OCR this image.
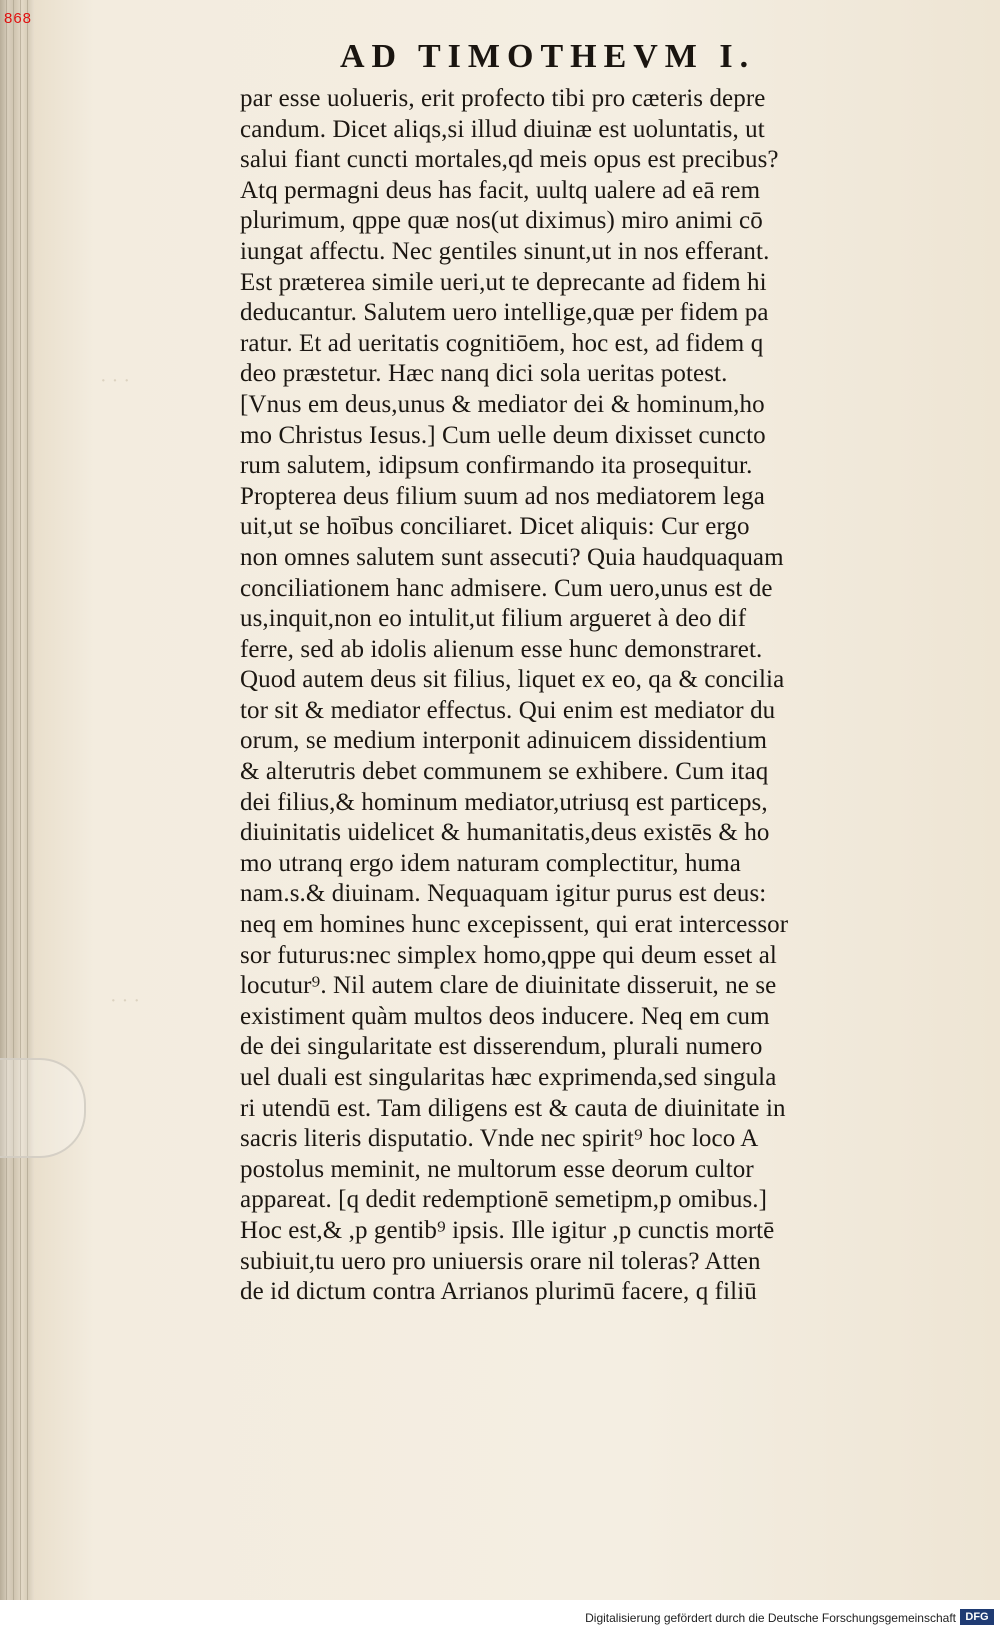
· · ·
· · ·
868
AD TIMOTHEVM I.
par esse uolueris, erit profecto tibi pro cæteris depre
candum. Dicet aliqs,si illud diuinæ est uoluntatis, ut
salui fiant cuncti mortales,qd meis opus est precibus?
Atq permagni deus has facit, uultq ualere ad eā rem
plurimum, qppe quæ nos(ut diximus) miro animi cō
iungat affectu. Nec gentiles sinunt,ut in nos efferant.
Est præterea simile ueri,ut te deprecante ad fidem hi
deducantur. Salutem uero intellige,quæ per fidem pa
ratur. Et ad ueritatis cognitiōem, hoc est, ad fidem q
deo præstetur. Hæc nanq dici sola ueritas potest.
[Vnus em deus,unus & mediator dei & hominum,ho
mo Christus Iesus.] Cum uelle deum dixisset cuncto
rum salutem, idipsum confirmando ita prosequitur.
Propterea deus filium suum ad nos mediatorem lega
uit,ut se hoībus conciliaret. Dicet aliquis: Cur ergo
non omnes salutem sunt assecuti? Quia haudquaquam
conciliationem hanc admisere. Cum uero,unus est de
us,inquit,non eo intulit,ut filium argueret à deo dif
ferre, sed ab idolis alienum esse hunc demonstraret.
Quod autem deus sit filius, liquet ex eo, qa & concilia
tor sit & mediator effectus. Qui enim est mediator du
orum, se medium interponit adinuicem dissidentium
& alterutris debet communem se exhibere. Cum itaq
dei filius,& hominum mediator,utriusq est particeps,
diuinitatis uidelicet & humanitatis,deus existēs & ho
mo utranq ergo idem naturam complectitur, huma
nam.s.& diuinam. Nequaquam igitur purus est deus:
neq em homines hunc excepissent, qui erat intercessor
sor futurus:nec simplex homo,qppe qui deum esset al
locutur⁹. Nil autem clare de diuinitate disseruit, ne se
existiment quàm multos deos inducere. Neq em cum
de dei singularitate est disserendum, plurali numero
uel duali est singularitas hæc exprimenda,sed singula
ri utendū est. Tam diligens est & cauta de diuinitate in
sacris literis disputatio. Vnde nec spirit⁹ hoc loco A
postolus meminit, ne multorum esse deorum cultor
appareat. [q dedit redemptionē semetipm,p omibus.]
Hoc est,& ,p gentib⁹ ipsis. Ille igitur ,p cunctis mortē
subiuit,tu uero pro uniuersis orare nil toleras? Atten
de id dictum contra Arrianos plurimū facere, q filiū
Digitalisierung gefördert durch die Deutsche Forschungsgemeinschaft DFG
